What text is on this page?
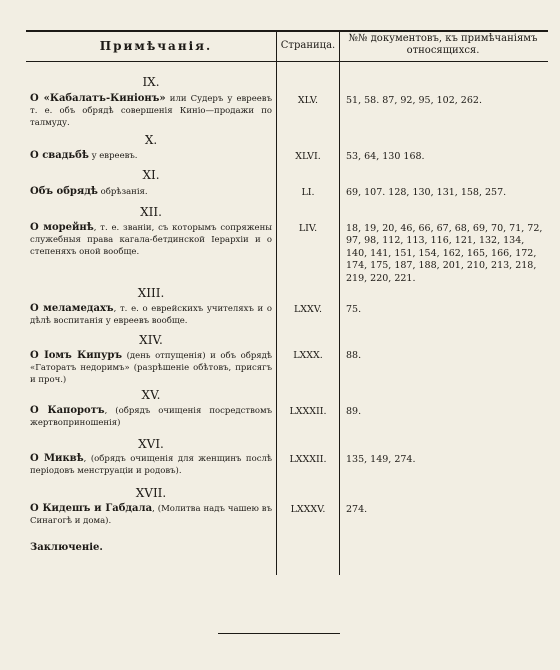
Примѣчанія.	Страница.
№№ документовъ, къ примѣчаніямъ относящихся.
IX.
О «Кабалатъ-Кинiонъ» или Судеръ у евреевъ т. е. объ обрядѣ совершенія Кинiо—продажи по талмуду.
XLV.	51, 58. 87, 92, 95, 102, 262.
X.
О свадьбѣ у евреевъ.	XLVI.	53, 64, 130 168.
XI.
Объ обрядѣ обрѣзанія.	LI.	69, 107. 128, 130, 131, 158, 257.
XII.
О морейнѣ, т. е. званіи, съ которымъ сопряжены служебныя права кагала-бетдинской Іерархіи и о степеняхъ оной вообще.
LIV.	18, 19, 20, 46, 66, 67, 68, 69, 70, 71, 72, 97, 98, 112, 113, 116, 121, 132, 134, 140, 141, 151, 154, 162, 165, 166, 172, 174, 175, 187, 188, 201, 210, 213, 218, 219, 220, 221.
XIII.
О меламедахъ, т. е. о еврейскихъ учителяхъ и о дѣлѣ воспитанія у евреевъ вообще.
LXXV.	75.
XIV.
О Іомъ Кипуръ (день отпущенія) и объ обрядѣ «Гаторатъ недоримъ» (разрѣшеніе обѣтовъ, присягъ и проч.)
LXXX.	88.
XV.
О Капоротъ, (обрядъ очищенія посредствомъ жертвоприношенія)
LXXXII.	89.
XVI.
О Миквѣ, (обрядъ очищенія для женщинъ послѣ періодовъ менструаціи и родовъ).
LXXXII.	135, 149, 274.
XVII.
О Кидешъ и Габдала, (Молитва надъ чашею въ Синагогѣ и дома).
LXXXV.	274.
Заключеніе.
